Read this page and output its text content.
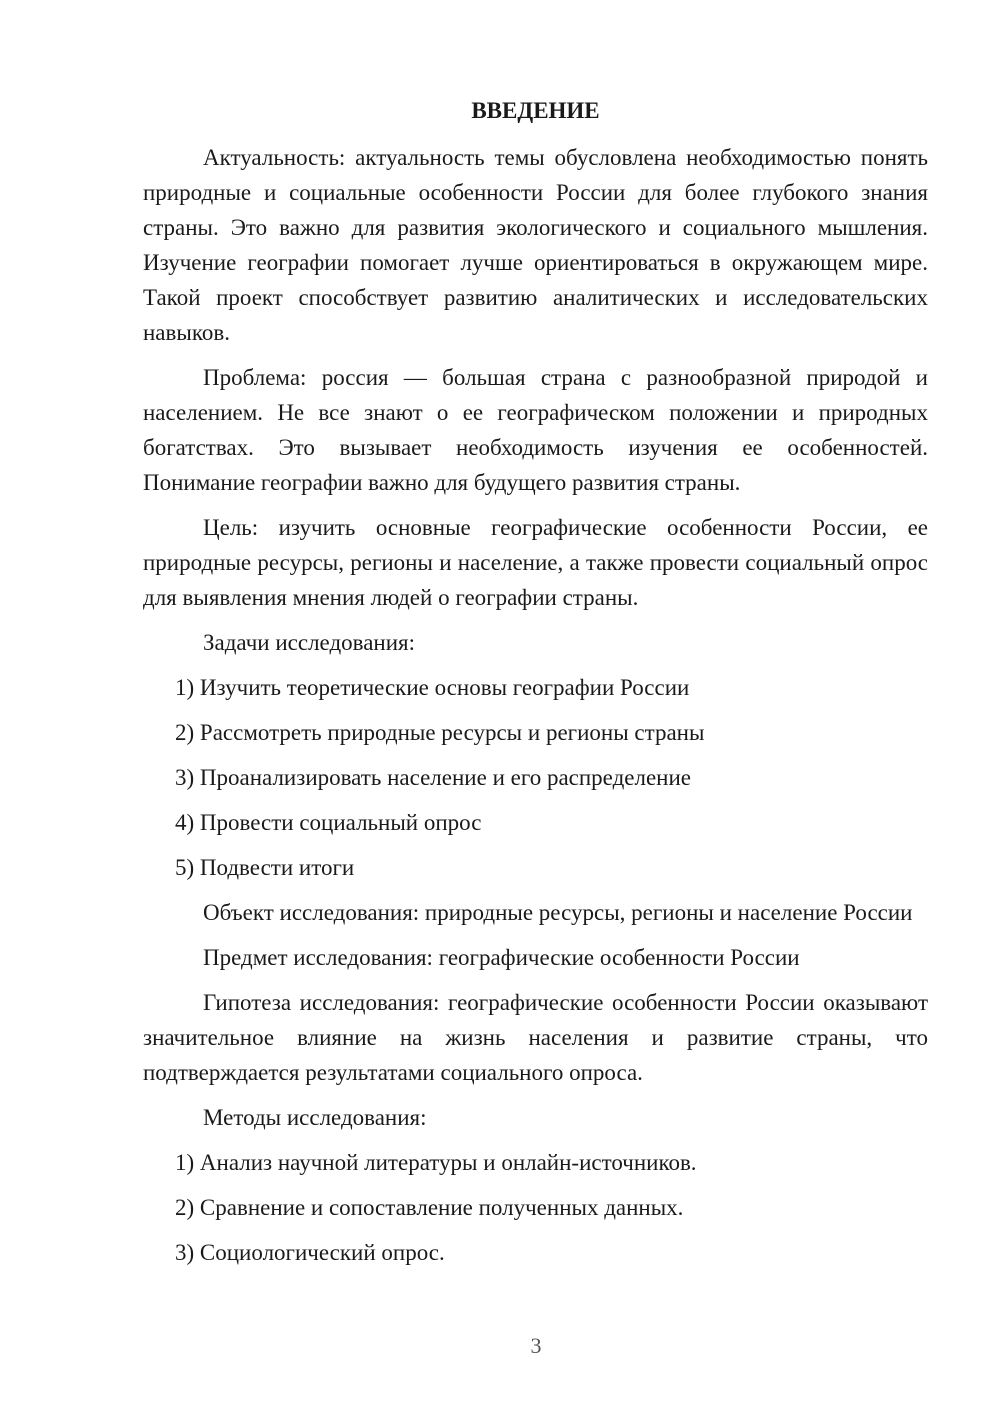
ВВЕДЕНИЕ

Актуальность: актуальность темы обусловлена необходимостью понять природные и социальные особенности России для более глубокого знания страны. Это важно для развития экологического и социального мышления. Изучение географии помогает лучше ориентироваться в окружающем мире. Такой проект способствует развитию аналитических и исследовательских навыков.

Проблема: россия — большая страна с разнообразной природой и населением. Не все знают о ее географическом положении и природных богатствах. Это вызывает необходимость изучения ее особенностей. Понимание географии важно для будущего развития страны.

Цель: изучить основные географические особенности России, ее природные ресурсы, регионы и население, а также провести социальный опрос для выявления мнения людей о географии страны.

Задачи исследования:

1) Изучить теоретические основы географии России

2) Рассмотреть природные ресурсы и регионы страны

3) Проанализировать население и его распределение

4) Провести социальный опрос

5) Подвести итоги

Объект исследования: природные ресурсы, регионы и население России

Предмет исследования: географические особенности России

Гипотеза исследования: географические особенности России оказывают значительное влияние на жизнь населения и развитие страны, что подтверждается результатами социального опроса.

Методы исследования:

1) Анализ научной литературы и онлайн-источников.

2) Сравнение и сопоставление полученных данных.

3) Социологический опрос.

3
